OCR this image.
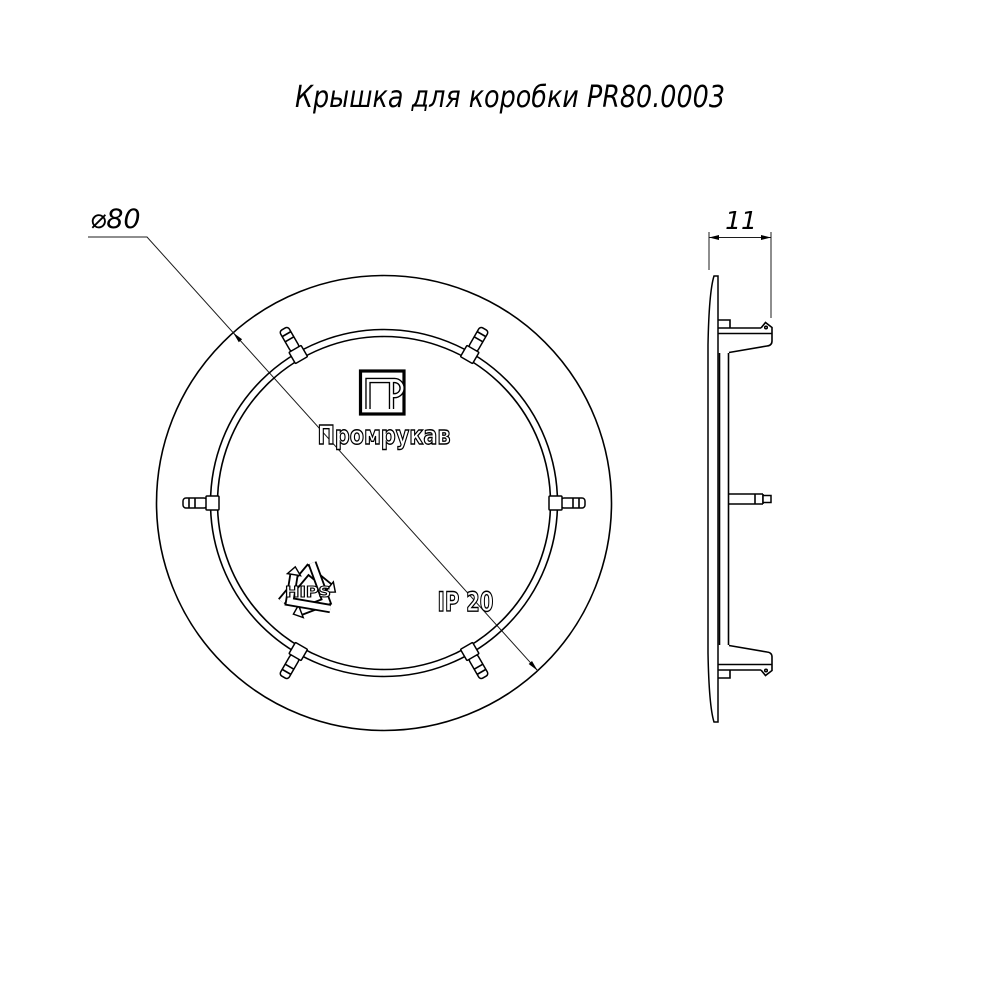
Крышка для коробки PR80.0003
⌀80
Промрукав
HIPS	IP 20
11
